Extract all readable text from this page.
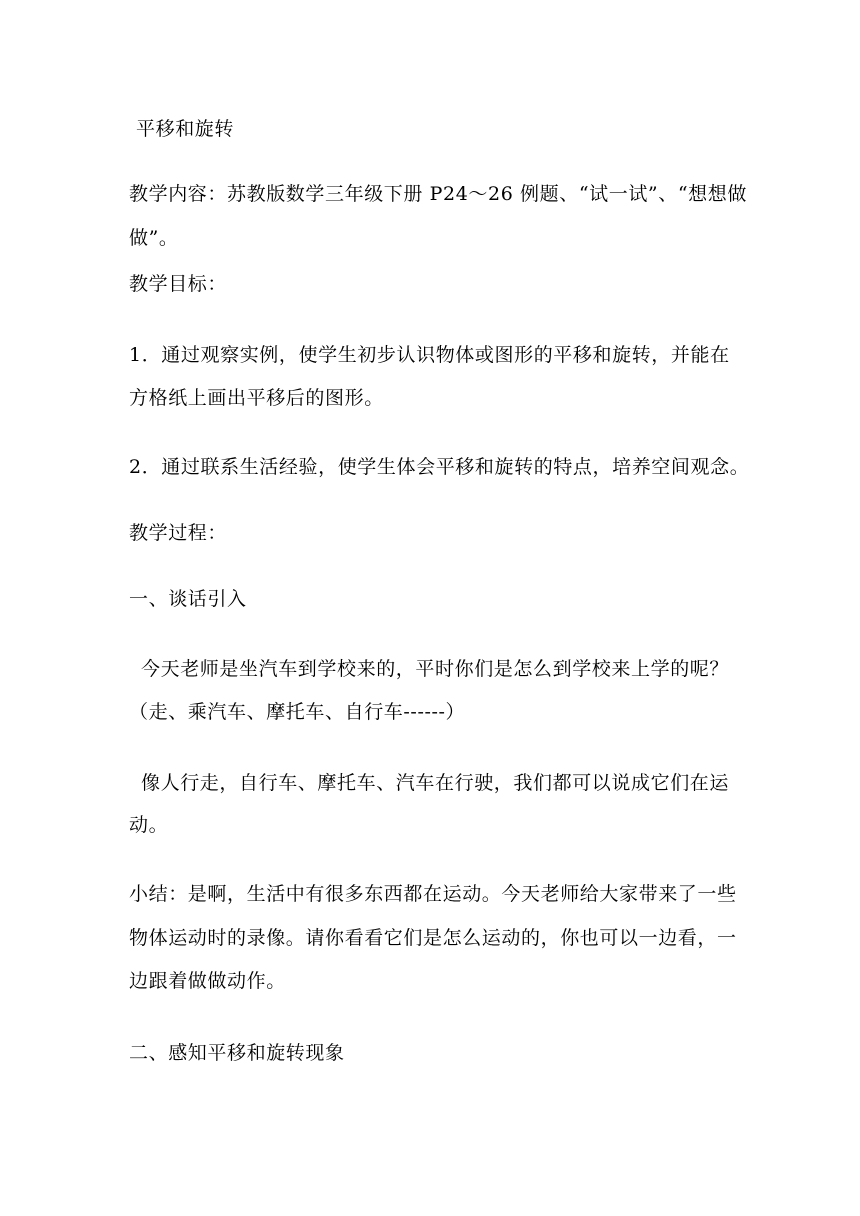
平移和旋转
教学内容：苏教版数学三年级下册 P24～26 例题、“试一试”、“想想做
做”。
教学目标：
1．通过观察实例，使学生初步认识物体或图形的平移和旋转，并能在
方格纸上画出平移后的图形。
2．通过联系生活经验，使学生体会平移和旋转的特点，培养空间观念。
教学过程：
一、谈话引入
今天老师是坐汽车到学校来的，平时你们是怎么到学校来上学的呢？
（走、乘汽车、摩托车、自行车------）
像人行走，自行车、摩托车、汽车在行驶，我们都可以说成它们在运
动。
小结：是啊，生活中有很多东西都在运动。今天老师给大家带来了一些
物体运动时的录像。请你看看它们是怎么运动的，你也可以一边看，一
边跟着做做动作。
二、感知平移和旋转现象
